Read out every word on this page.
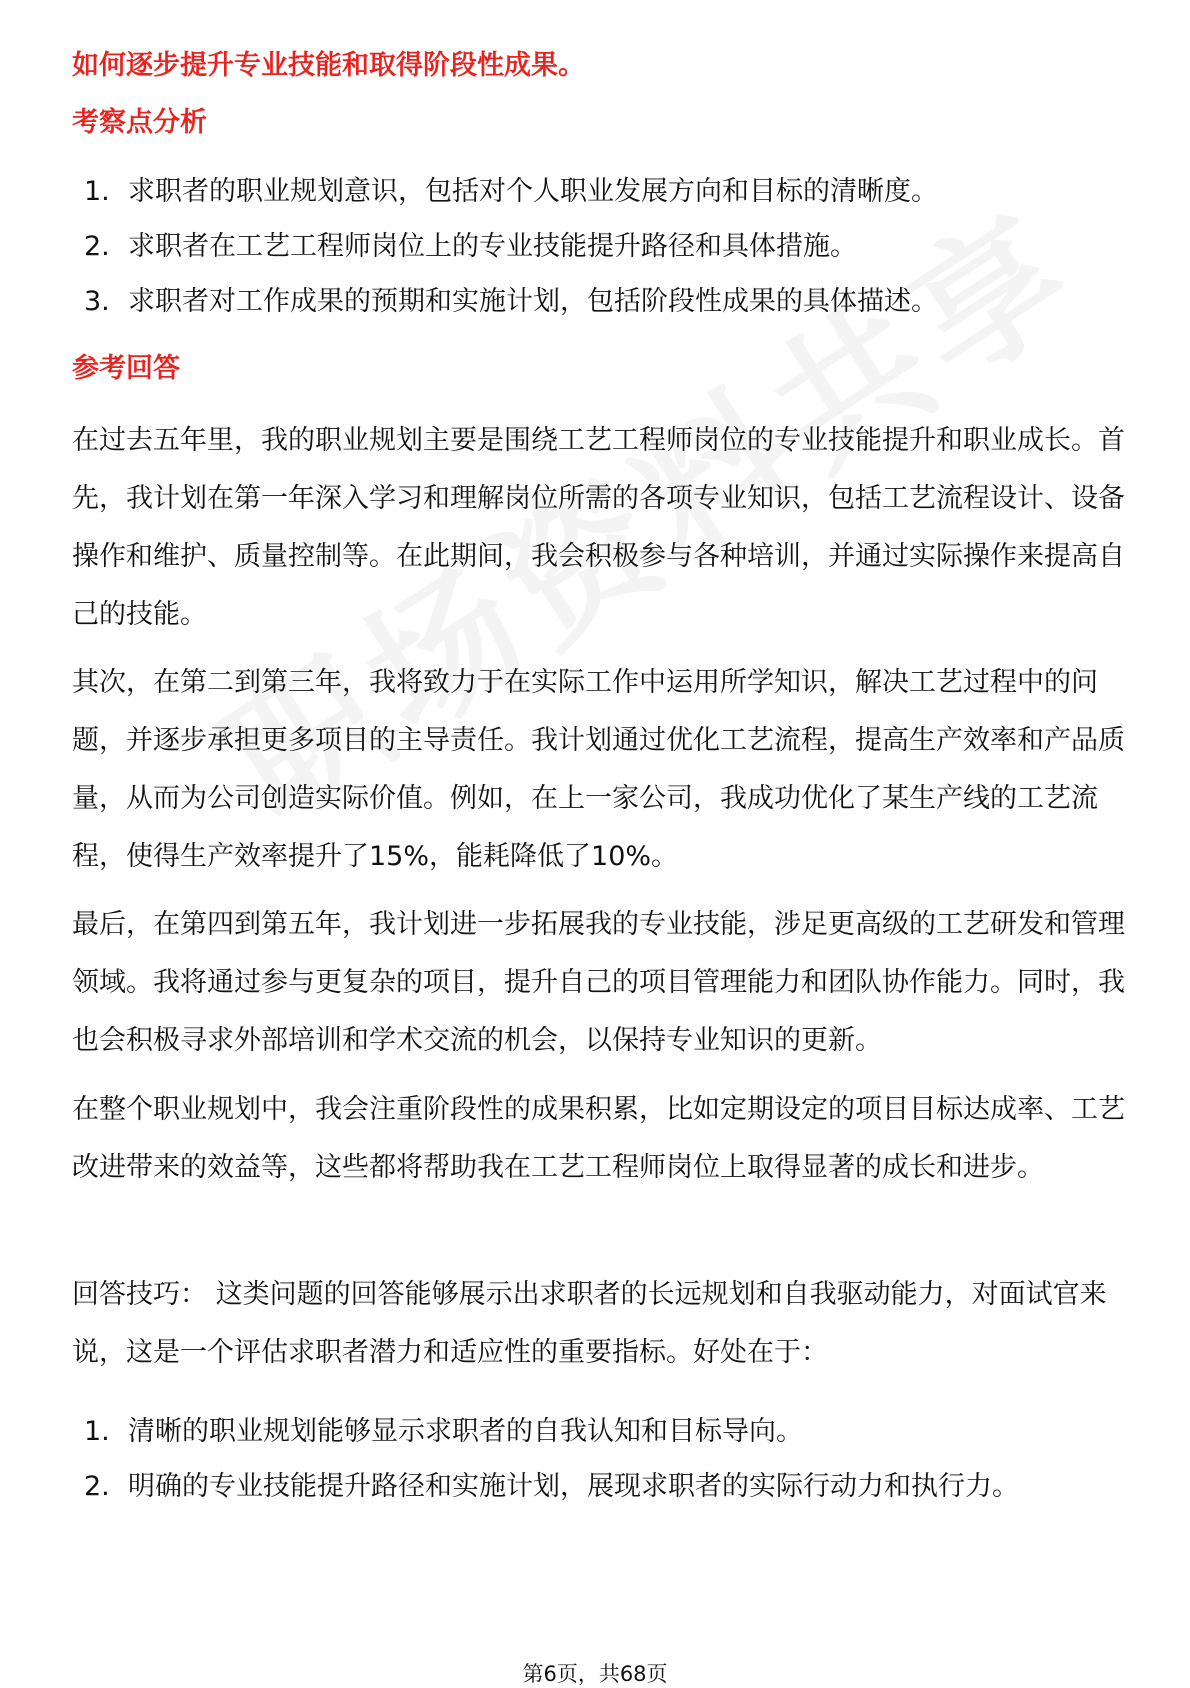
如何逐步提升专业技能和取得阶段性成果。
考察点分析
1. 求职者的职业规划意识，包括对个人职业发展方向和目标的清晰度。
2. 求职者在工艺工程师岗位上的专业技能提升路径和具体措施。
3. 求职者对工作成果的预期和实施计划，包括阶段性成果的具体描述。
参考回答
在过去五年里，我的职业规划主要是围绕工艺工程师岗位的专业技能提升和职业成长。首先，我计划在第一年深入学习和理解岗位所需的各项专业知识，包括工艺流程设计、设备操作和维护、质量控制等。在此期间，我会积极参与各种培训，并通过实际操作来提高自己的技能。
其次，在第二到第三年，我将致力于在实际工作中运用所学知识，解决工艺过程中的问题，并逐步承担更多项目的主导责任。我计划通过优化工艺流程，提高生产效率和产品质量，从而为公司创造实际价值。例如，在上一家公司，我成功优化了某生产线的工艺流程，使得生产效率提升了15%，能耗降低了10%。
最后，在第四到第五年，我计划进一步拓展我的专业技能，涉足更高级的工艺研发和管理领域。我将通过参与更复杂的项目，提升自己的项目管理能力和团队协作能力。同时，我也会积极寻求外部培训和学术交流的机会，以保持专业知识的更新。
在整个职业规划中，我会注重阶段性的成果积累，比如定期设定的项目目标达成率、工艺改进带来的效益等，这些都将帮助我在工艺工程师岗位上取得显著的成长和进步。
回答技巧： 这类问题的回答能够展示出求职者的长远规划和自我驱动能力，对面试官来说，这是一个评估求职者潜力和适应性的重要指标。好处在于：
1. 清晰的职业规划能够显示求职者的自我认知和目标导向。
2. 明确的专业技能提升路径和实施计划，展现求职者的实际行动力和执行力。
第6页，共68页
